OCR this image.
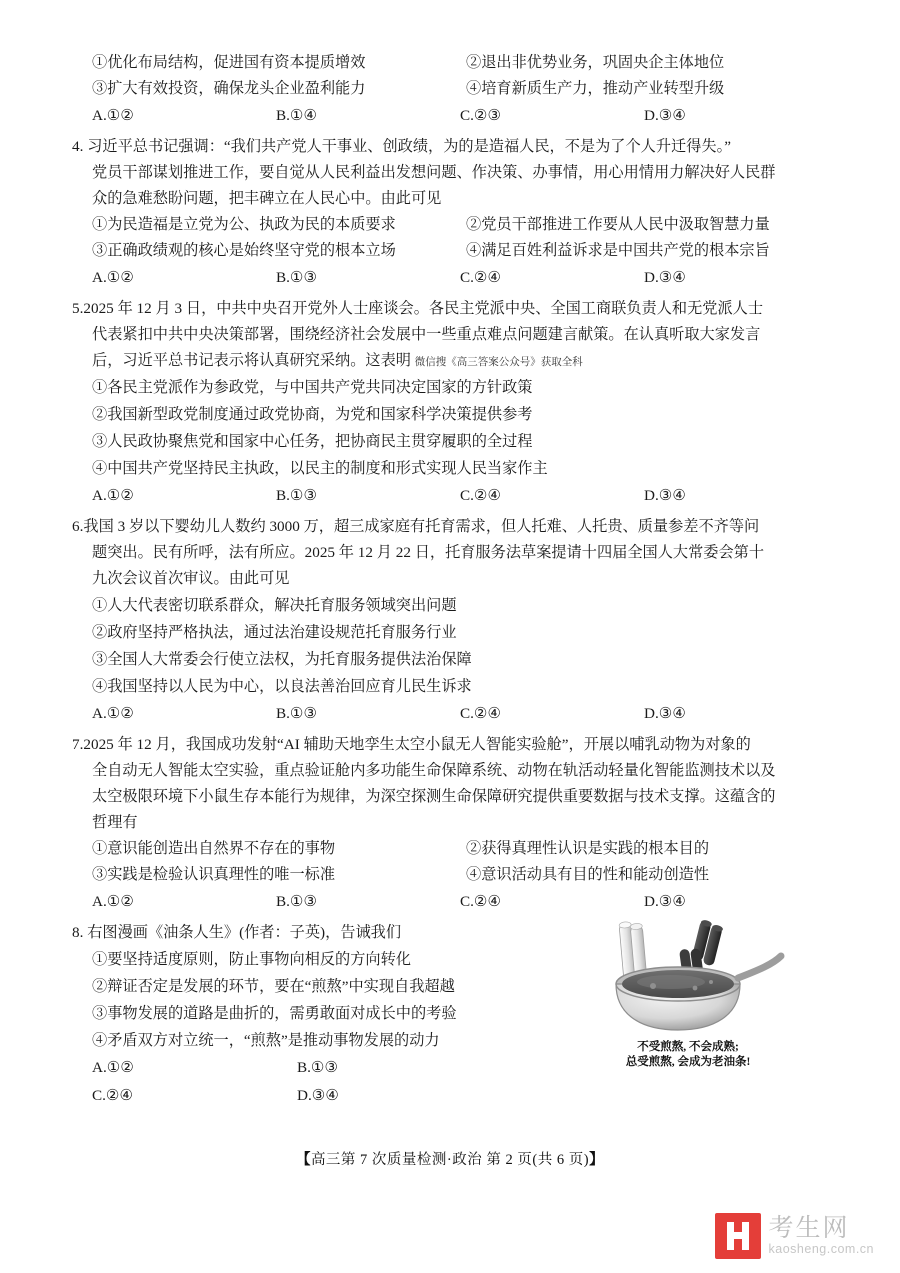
①优化布局结构，促进国有资本提质增效	②退出非优势业务，巩固央企主体地位
③扩大有效投资，确保龙头企业盈利能力	④培育新质生产力，推动产业转型升级
A.①②	B.①④	C.②③	D.③④
4. 习近平总书记强调：“我们共产党人干事业、创政绩，为的是造福人民，不是为了个人升迁得失。”
党员干部谋划推进工作，要自觉从人民利益出发想问题、作决策、办事情，用心用情用力解决好人民群
众的急难愁盼问题，把丰碑立在人民心中。由此可见
①为民造福是立党为公、执政为民的本质要求	②党员干部推进工作要从人民中汲取智慧力量
③正确政绩观的核心是始终坚守党的根本立场	④满足百姓利益诉求是中国共产党的根本宗旨
A.①②	B.①③	C.②④	D.③④
5.2025 年 12 月 3 日，中共中央召开党外人士座谈会。各民主党派中央、全国工商联负责人和无党派人士
代表紧扣中共中央决策部署，围绕经济社会发展中一些重点难点问题建言献策。在认真听取大家发言
后，习近平总书记表示将认真研究采纳。这表明 微信搜《高三答案公众号》获取全科
①各民主党派作为参政党，与中国共产党共同决定国家的方针政策
②我国新型政党制度通过政党协商，为党和国家科学决策提供参考
③人民政协聚焦党和国家中心任务，把协商民主贯穿履职的全过程
④中国共产党坚持民主执政，以民主的制度和形式实现人民当家作主
A.①②	B.①③	C.②④	D.③④
6.我国 3 岁以下婴幼儿人数约 3000 万，超三成家庭有托育需求，但人托难、人托贵、质量参差不齐等问
题突出。民有所呼，法有所应。2025 年 12 月 22 日，托育服务法草案提请十四届全国人大常委会第十
九次会议首次审议。由此可见
①人大代表密切联系群众，解决托育服务领域突出问题
②政府坚持严格执法，通过法治建设规范托育服务行业
③全国人大常委会行使立法权，为托育服务提供法治保障
④我国坚持以人民为中心，以良法善治回应育儿民生诉求
A.①②	B.①③	C.②④	D.③④
7.2025 年 12 月，我国成功发射“AI 辅助天地孪生太空小鼠无人智能实验舱”，开展以哺乳动物为对象的
全自动无人智能太空实验，重点验证舱内多功能生命保障系统、动物在轨活动轻量化智能监测技术以及
太空极限环境下小鼠生存本能行为规律，为深空探测生命保障研究提供重要数据与技术支撑。这蕴含的
哲理有
①意识能创造出自然界不存在的事物	②获得真理性认识是实践的根本目的
③实践是检验认识真理性的唯一标准	④意识活动具有目的性和能动创造性
A.①②	B.①③	C.②④	D.③④
8. 右图漫画《油条人生》(作者：子英)，告诫我们
①要坚持适度原则，防止事物向相反的方向转化
②辩证否定是发展的环节，要在“煎熬”中实现自我超越
③事物发展的道路是曲折的，需勇敢面对成长中的考验
④矛盾双方对立统一，“煎熬”是推动事物发展的动力
A.①②	B.①③
C.②④	D.③④
不受煎熬, 不会成熟;
总受煎熬, 会成为老油条!
【高三第 7 次质量检测·政治 第 2 页(共 6 页)】
考生网
kaosheng.com.cn
